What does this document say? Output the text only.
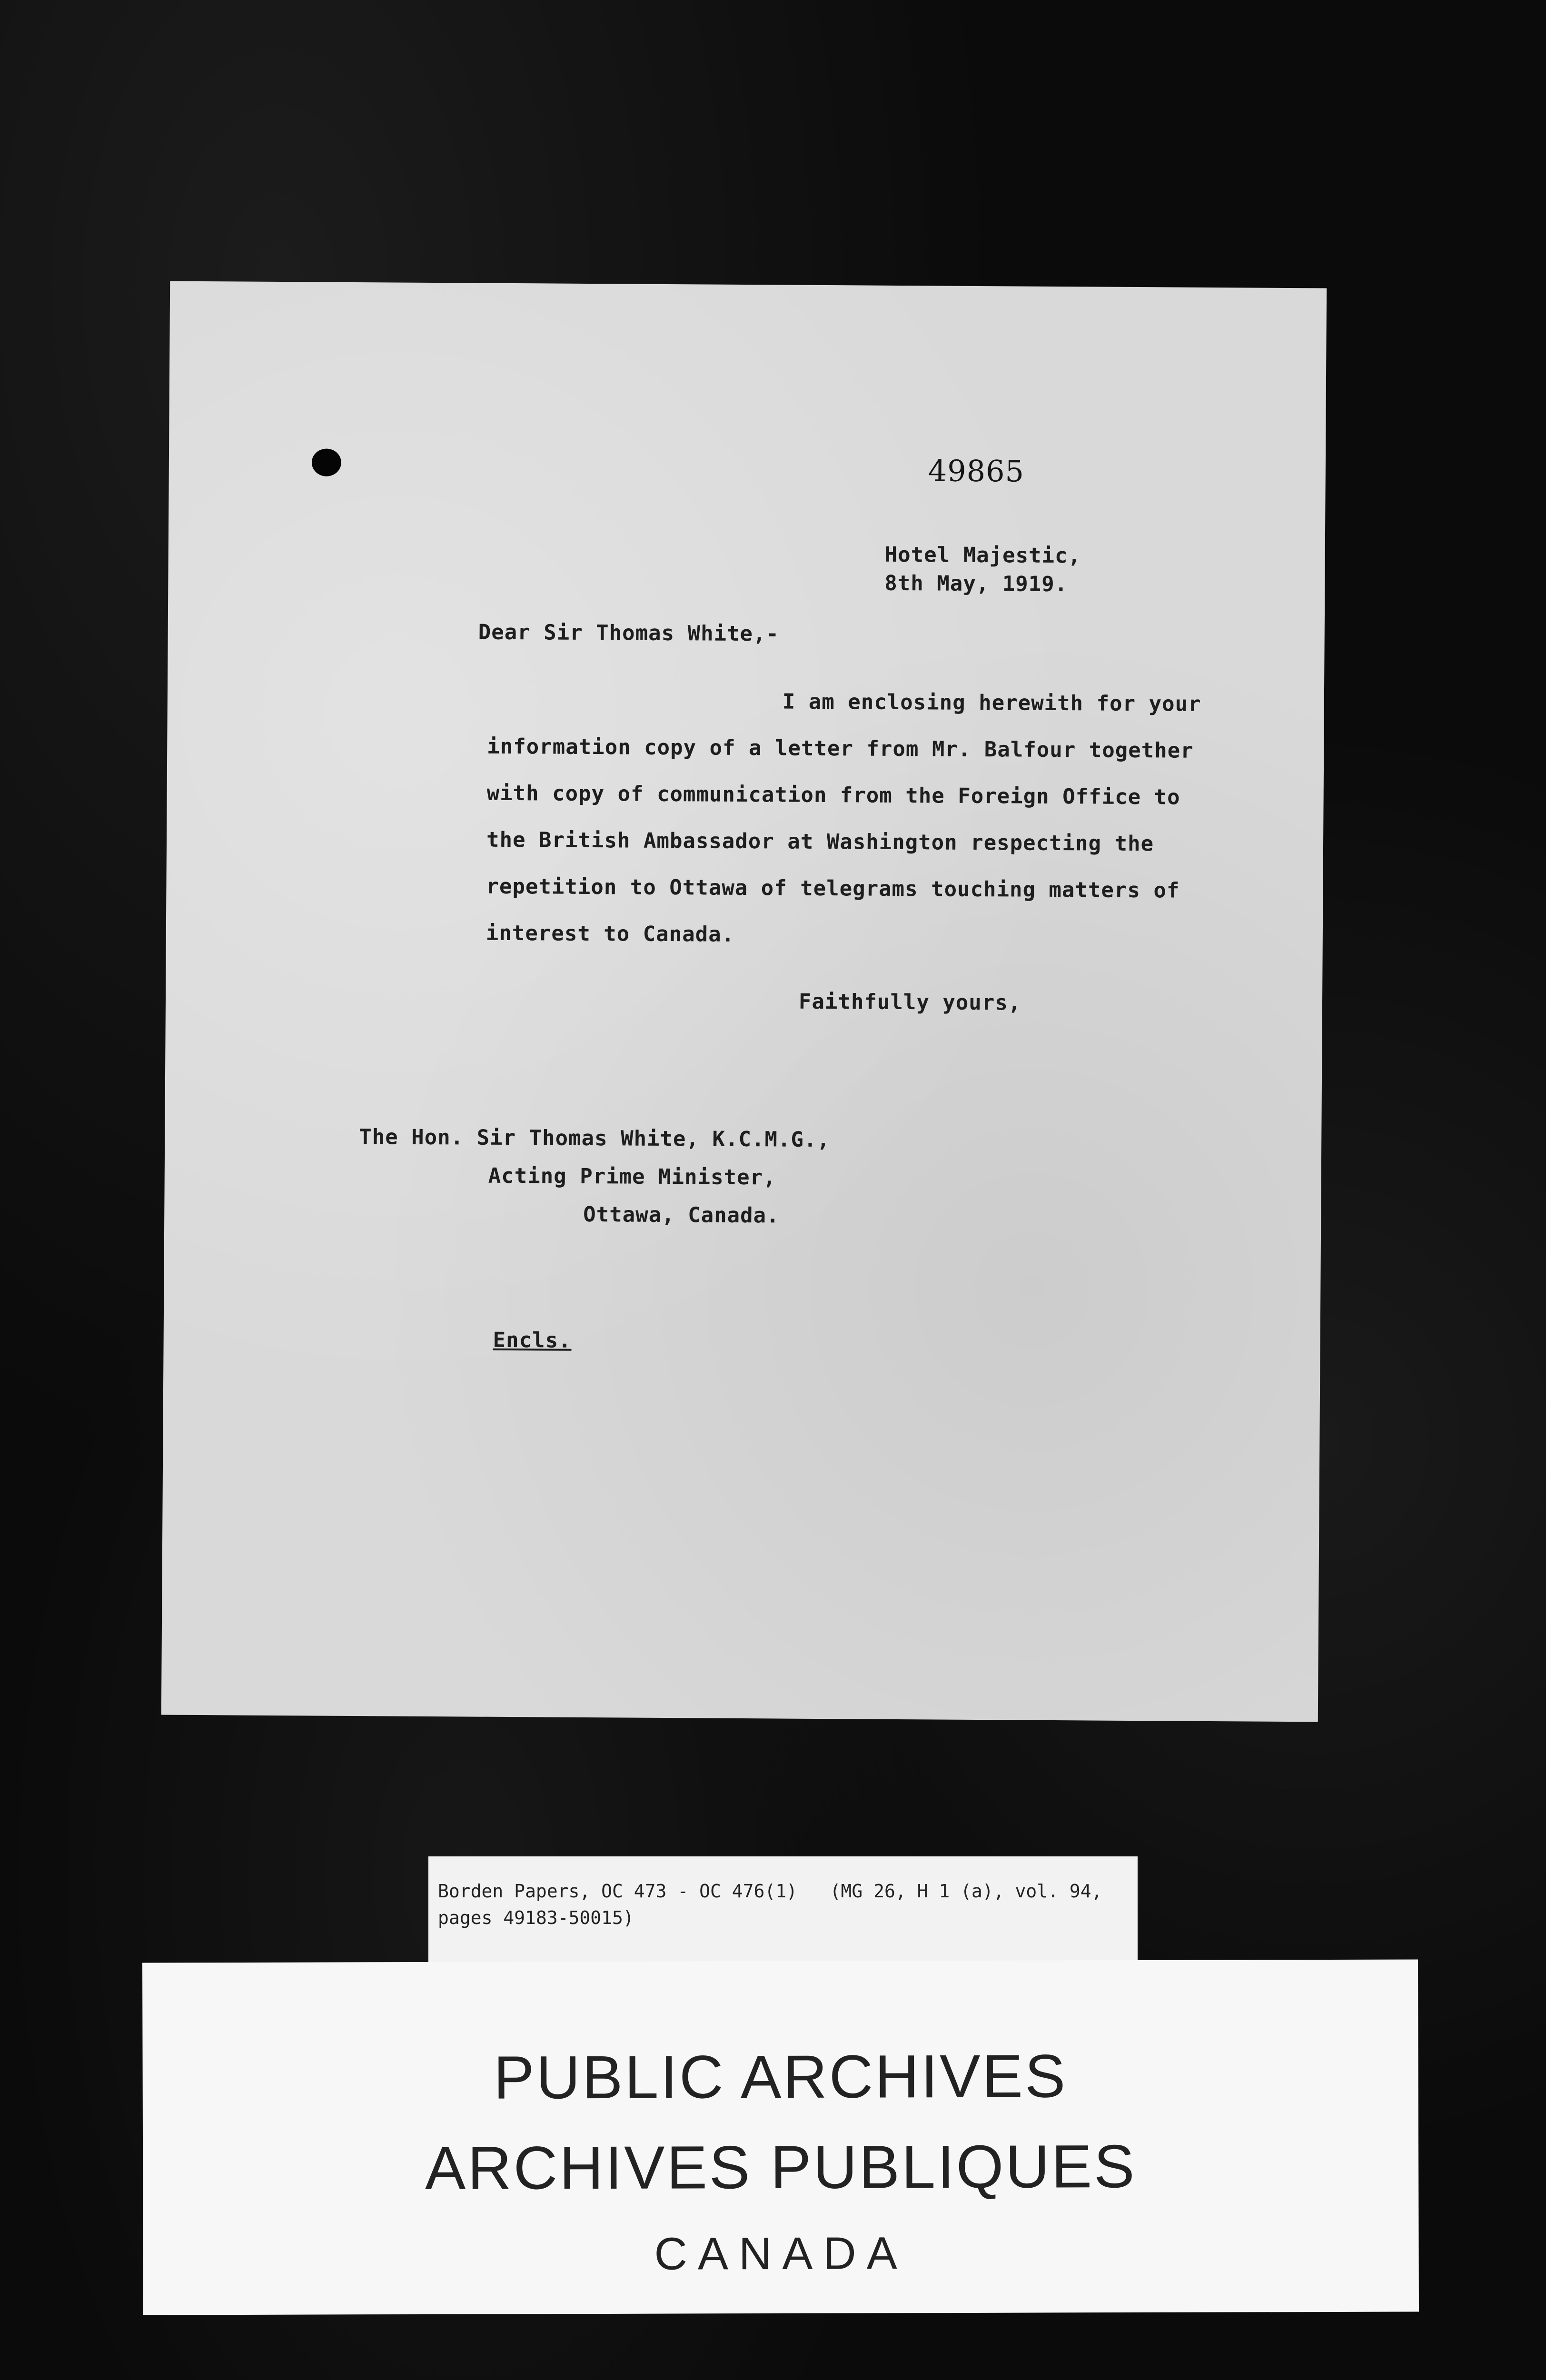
49865
Hotel Majestic,
8th May, 1919.
Dear Sir Thomas White,-
I am enclosing herewith for your
information copy of a letter from Mr. Balfour together
with copy of communication from the Foreign Office to
the British Ambassador at Washington respecting the
repetition to Ottawa of telegrams touching matters of
interest to Canada.
Faithfully yours,
The Hon. Sir Thomas White, K.C.M.G.,
Acting Prime Minister,
Ottawa, Canada.
Encls.
Borden Papers, OC 473 - OC 476(1)   (MG 26, H 1 (a), vol. 94, pages 49183-50015)
PUBLIC ARCHIVES
ARCHIVES PUBLIQUES
CANADA
